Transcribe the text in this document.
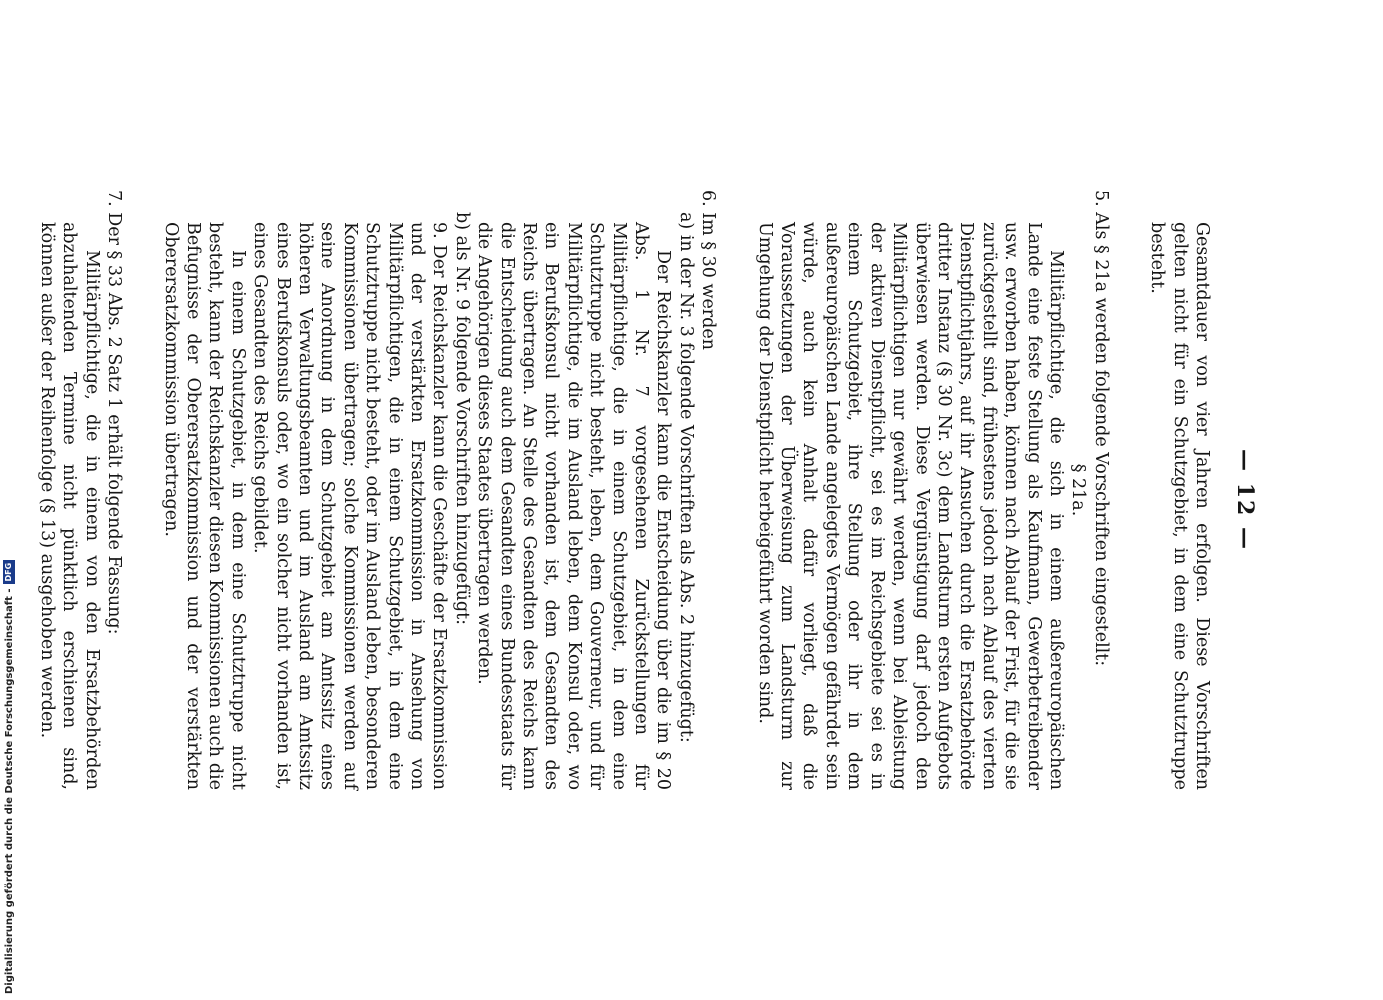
— 12 —

Gesamtdauer von vier Jahren erfolgen. Diese Vorschriften gelten nicht für ein Schutzgebiet, in dem eine Schutztruppe besteht.

5. Als § 21a werden folgende Vorschriften eingestellt:

§ 21a.

Militärpflichtige, die sich in einem außereuropäischen Lande eine feste Stellung als Kaufmann, Gewerbetreibender usw. erworben haben, können nach Ablauf der Frist, für die sie zurückgestellt sind, frühestens jedoch nach Ablauf des vierten Dienstpflichtjahrs, auf ihr Ansuchen durch die Ersatzbehörde dritter Instanz (§ 30 Nr. 3c) dem Landsturm ersten Aufgebots überwiesen werden. Diese Vergünstigung darf jedoch den Militärpflichtigen nur gewährt werden, wenn bei Ableistung der aktiven Dienstpflicht, sei es im Reichsgebiete sei es in einem Schutzgebiet, ihre Stellung oder ihr in dem außereuropäischen Lande angelegtes Vermögen gefährdet sein würde, auch kein Anhalt dafür vorliegt, daß die Voraussetzungen der Überweisung zum Landsturm zur Umgehung der Dienstpflicht herbeigeführt worden sind.

6. Im § 30 werden

a) in der Nr. 3 folgende Vorschriften als Abs. 2 hinzugefügt:

Der Reichskanzler kann die Entscheidung über die im § 20 Abs. 1 Nr. 7 vorgesehenen Zurückstellungen für Militärpflichtige, die in einem Schutzgebiet, in dem eine Schutztruppe nicht besteht, leben, dem Gouverneur, und für Militärpflichtige, die im Ausland leben, dem Konsul oder, wo ein Berufskonsul nicht vorhanden ist, dem Gesandten des Reichs übertragen. An Stelle des Gesandten des Reichs kann die Entscheidung auch dem Gesandten eines Bundesstaats für die Angehörigen dieses Staates übertragen werden.

b) als Nr. 9 folgende Vorschriften hinzugefügt:

9. Der Reichskanzler kann die Geschäfte der Ersatzkommission und der verstärkten Ersatzkommission in Ansehung von Militärpflichtigen, die in einem Schutzgebiet, in dem eine Schutztruppe nicht besteht, oder im Ausland leben, besonderen Kommissionen übertragen; solche Kommissionen werden auf seine Anordnung in dem Schutzgebiet am Amtssitz eines höheren Verwaltungsbeamten und im Ausland am Amtssitz eines Berufskonsuls oder, wo ein solcher nicht vorhanden ist, eines Gesandten des Reichs gebildet.

In einem Schutzgebiet, in dem eine Schutztruppe nicht besteht, kann der Reichskanzler diesen Kommissionen auch die Befugnisse der Oberersatzkommission und der verstärkten Oberersatzkommission übertragen.

7. Der § 33 Abs. 2 Satz 1 erhält folgende Fassung:

Militärpflichtige, die in einem von den Ersatzbehörden abzuhaltenden Termine nicht pünktlich erschienen sind, können außer der Reihenfolge (§ 13) ausgehoben werden.

Digitalisierung gefördert durch die Deutsche Forschungsgemeinschaft -
DFG
